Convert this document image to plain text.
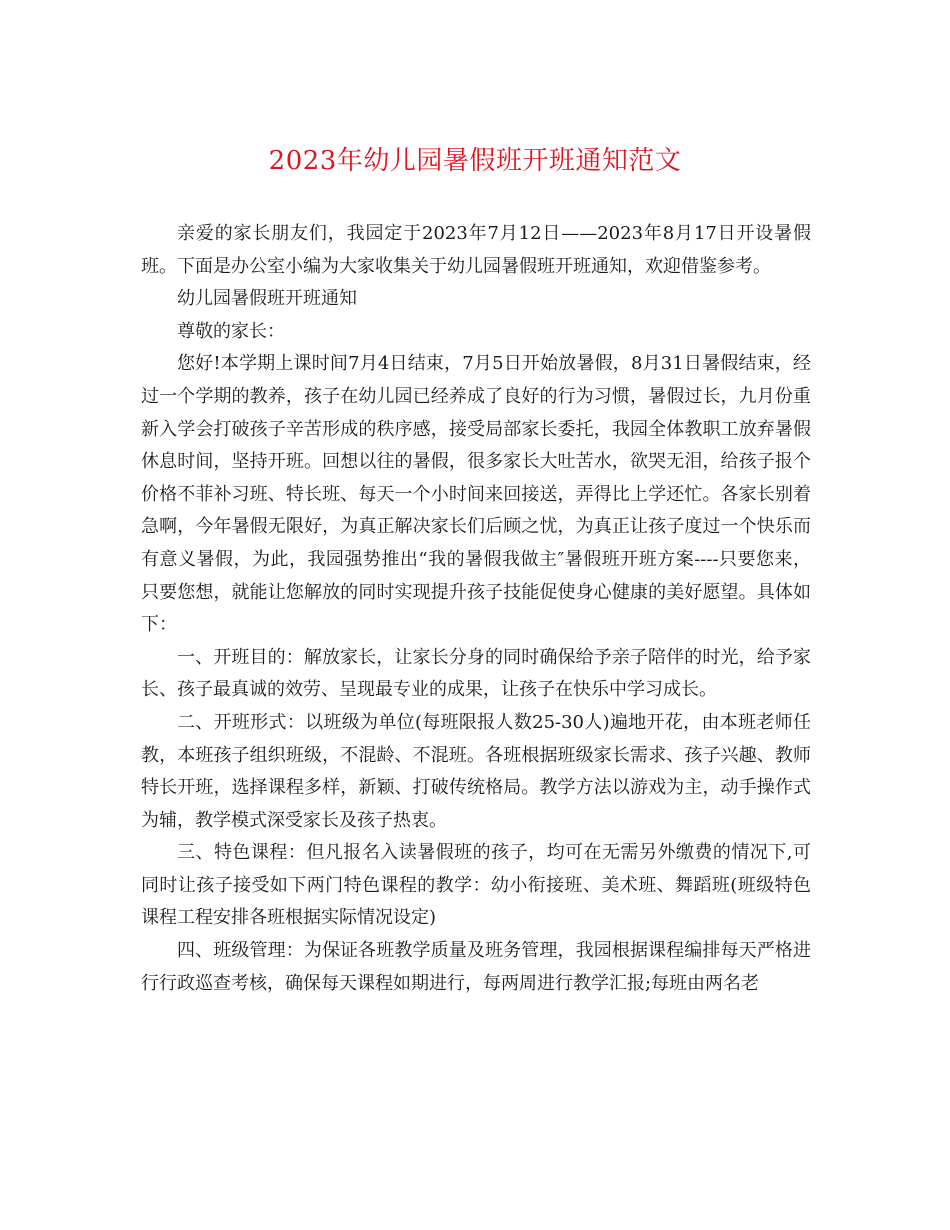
2023年幼儿园暑假班开班通知范文

亲爱的家长朋友们，我园定于2023年7月12日——2023年8月17日开设暑假班。下面是办公室小编为大家收集关于幼儿园暑假班开班通知，欢迎借鉴参考。

幼儿园暑假班开班通知

尊敬的家长：

您好!本学期上课时间7月4日结束，7月5日开始放暑假，8月31日暑假结束，经过一个学期的教养，孩子在幼儿园已经养成了良好的行为习惯，暑假过长，九月份重新入学会打破孩子辛苦形成的秩序感，接受局部家长委托，我园全体教职工放弃暑假休息时间，坚持开班。回想以往的暑假，很多家长大吐苦水，欲哭无泪，给孩子报个价格不菲补习班、特长班、每天一个小时间来回接送，弄得比上学还忙。各家长别着急啊，今年暑假无限好，为真正解决家长们后顾之忧，为真正让孩子度过一个快乐而有意义暑假，为此，我园强势推出“我的暑假我做主″暑假班开班方案----只要您来，只要您想，就能让您解放的同时实现提升孩子技能促使身心健康的美好愿望。具体如下：

一、开班目的：解放家长，让家长分身的同时确保给予亲子陪伴的时光，给予家长、孩子最真诚的效劳、呈现最专业的成果，让孩子在快乐中学习成长。

二、开班形式：以班级为单位(每班限报人数25-30人)遍地开花，由本班老师任教，本班孩子组织班级，不混龄、不混班。各班根据班级家长需求、孩子兴趣、教师特长开班，选择课程多样，新颖、打破传统格局。教学方法以游戏为主，动手操作式为辅，教学模式深受家长及孩子热衷。

三、特色课程：但凡报名入读暑假班的孩子，均可在无需另外缴费的情况下,可同时让孩子接受如下两门特色课程的教学：幼小衔接班、美术班、舞蹈班(班级特色课程工程安排各班根据实际情况设定)

四、班级管理：为保证各班教学质量及班务管理，我园根据课程编排每天严格进行行政巡查考核，确保每天课程如期进行，每两周进行教学汇报;每班由两名老
